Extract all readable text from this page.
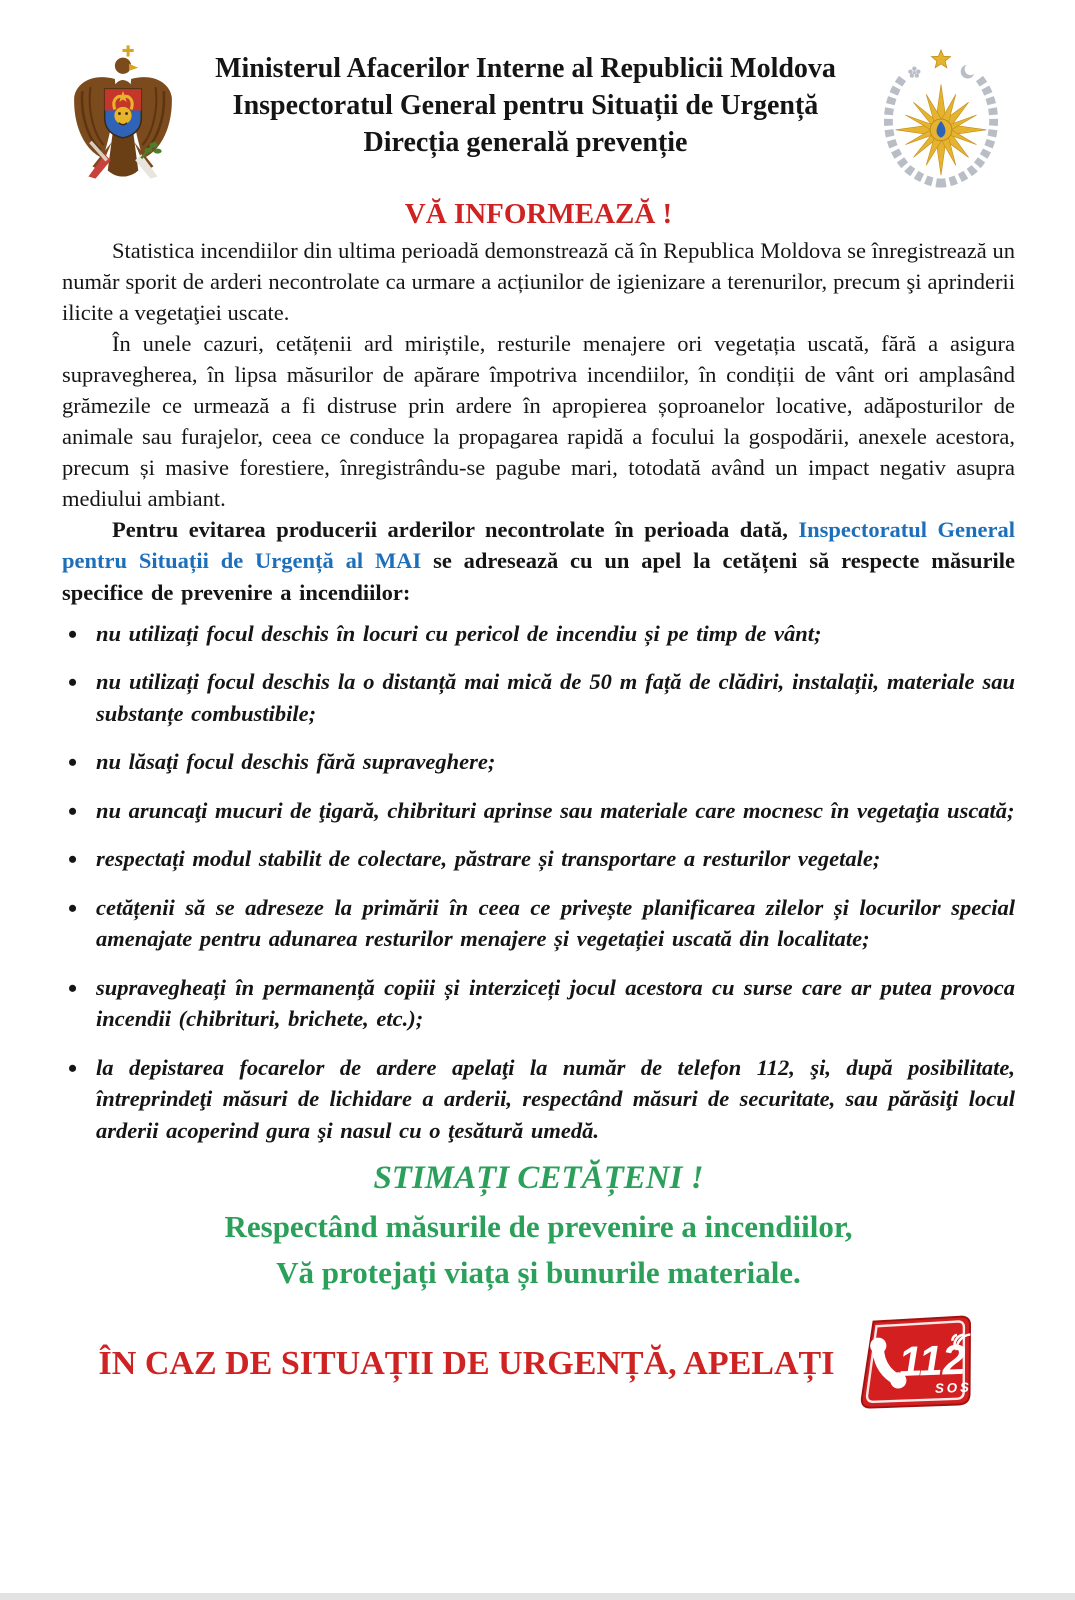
Ministerul Afacerilor Interne al Republicii Moldova
Inspectoratul General pentru Situații de Urgență
Direcția generală prevenție
VĂ INFORMEAZĂ !

Statistica incendiilor din ultima perioadă demonstrează că în Republica Moldova se înregistrează un număr sporit de arderi necontrolate ca urmare a acțiunilor de igienizare a terenurilor, precum şi aprinderii ilicite a vegetaţiei uscate.

În unele cazuri, cetățenii ard miriștile, resturile menajere ori vegetația uscată, fără a asigura supravegherea, în lipsa măsurilor de apărare împotriva incendiilor, în condiții de vânt ori amplasând grămezile ce urmează a fi distruse prin ardere în apropierea șoproanelor locative, adăposturilor de animale sau furajelor, ceea ce conduce la propagarea rapidă a focului la gospodării, anexele acestora, precum și masive forestiere, înregistrându-se pagube mari, totodată având un impact negativ asupra mediului ambiant.

Pentru evitarea producerii arderilor necontrolate în perioada dată, Inspectoratul General pentru Situații de Urgență al MAI se adresează cu un apel la cetățeni să respecte măsurile specifice de prevenire a incendiilor:

• nu utilizați focul deschis în locuri cu pericol de incendiu și pe timp de vânt;
• nu utilizați focul deschis la o distanță mai mică de 50 m față de clădiri, instalații, materiale sau substanțe combustibile;
• nu lăsaţi focul deschis fără supraveghere;
• nu aruncaţi mucuri de ţigară, chibrituri aprinse sau materiale care mocnesc în vegetaţia uscată;
• respectați modul stabilit de colectare, păstrare și transportare a resturilor vegetale;
• cetățenii să se adreseze la primării în ceea ce privește planificarea zilelor și locurilor special amenajate pentru adunarea resturilor menajere și vegetației uscată din localitate;
• supravegheați în permanență copiii și interziceți jocul acestora cu surse care ar putea provoca incendii (chibrituri, brichete, etc.);
• la depistarea focarelor de ardere apelaţi la număr de telefon 112, şi, după posibilitate, întreprindeţi măsuri de lichidare a arderii, respectând măsuri de securitate, sau părăsiţi locul arderii acoperind gura şi nasul cu o ţesătură umedă.
STIMAȚI CETĂȚENI !
Respectând măsurile de prevenire a incendiilor,
Vă protejați viața și bunurile materiale.
ÎN CAZ DE SITUAȚII DE URGENȚĂ, APELAȚI 112
SOS
